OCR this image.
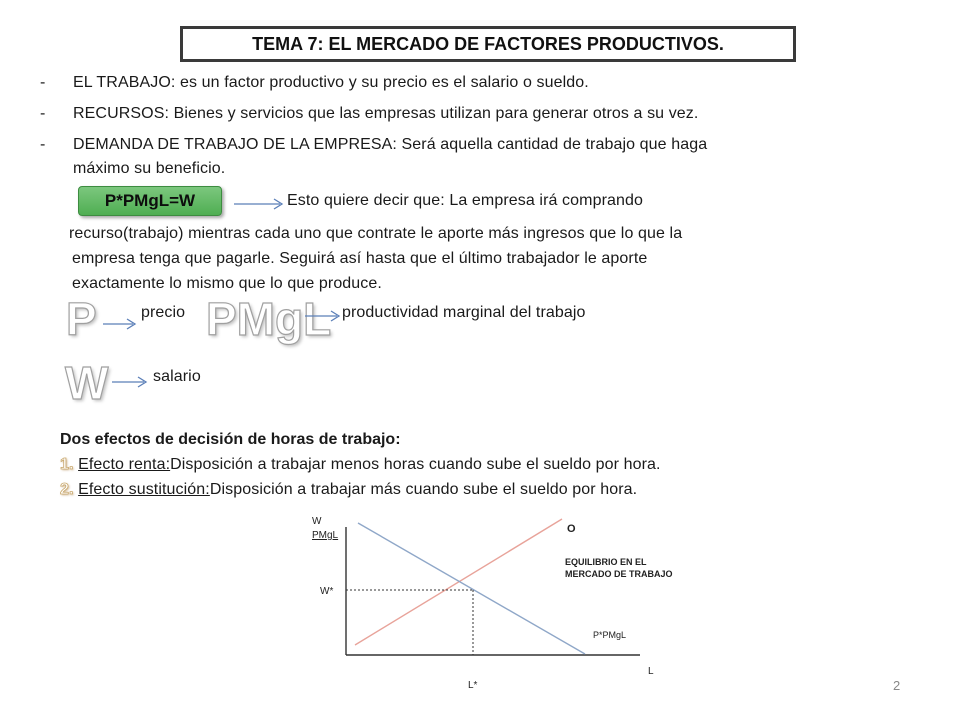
TEMA 7: EL MERCADO DE FACTORES PRODUCTIVOS.
- EL TRABAJO: es un factor productivo y su precio es el salario o sueldo.
- RECURSOS: Bienes y servicios que las empresas utilizan para generar otros a su vez.
- DEMANDA DE TRABAJO DE LA EMPRESA: Será aquella cantidad de trabajo que haga
máximo su beneficio.
P*PMgL=W	Esto quiere decir que: La empresa irá comprando
recurso(trabajo) mientras cada uno que contrate le aporte más ingresos que lo que la
empresa tenga que pagarle. Seguirá así hasta que el último trabajador le aporte
exactamente lo mismo que lo que produce.
P	precio PMgL productividad marginal del trabajo
W	salario
Dos efectos de decisión de horas de trabajo:
1. Efecto renta:Disposición a trabajar menos horas cuando sube el sueldo por hora.
2. Efecto sustitución:Disposición a trabajar más cuando sube el sueldo por hora.
W
PMgL
L
W*
L*
O
P*PMgL
EQUILIBRIO EN EL
MERCADO DE TRABAJO
2
